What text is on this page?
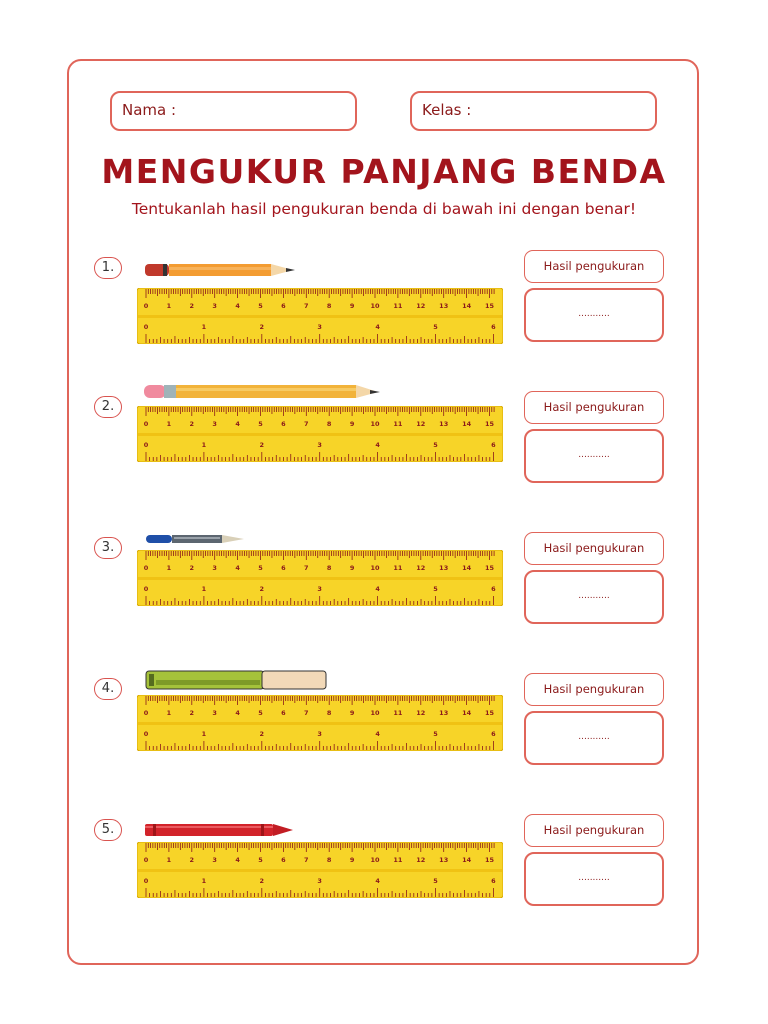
Nama :	Kelas :
MENGUKUR PANJANG BENDA
Tentukanlah hasil pengukuran benda di bawah ini dengan benar!
1.
0	1	2	3	4	5	6	7	8	9 10 11 12 13 14 15
0	1	2	3	4	5	6
Hasil pengukuran
...........
2.
0	1	2	3	4	5	6	7	8	9 10 11 12 13 14 15
0	1	2	3	4	5	6
Hasil pengukuran
...........
3.
0	1	2	3	4	5	6	7	8	9 10 11 12 13 14 15
0	1	2	3	4	5	6
Hasil pengukuran
...........
4.
0	1	2	3	4	5	6	7	8	9 10 11 12 13 14 15
0	1	2	3	4	5	6
Hasil pengukuran
...........
5.
0	1	2	3	4	5	6	7	8	9 10 11 12 13 14 15
0	1	2	3	4	5	6
Hasil pengukuran
...........
